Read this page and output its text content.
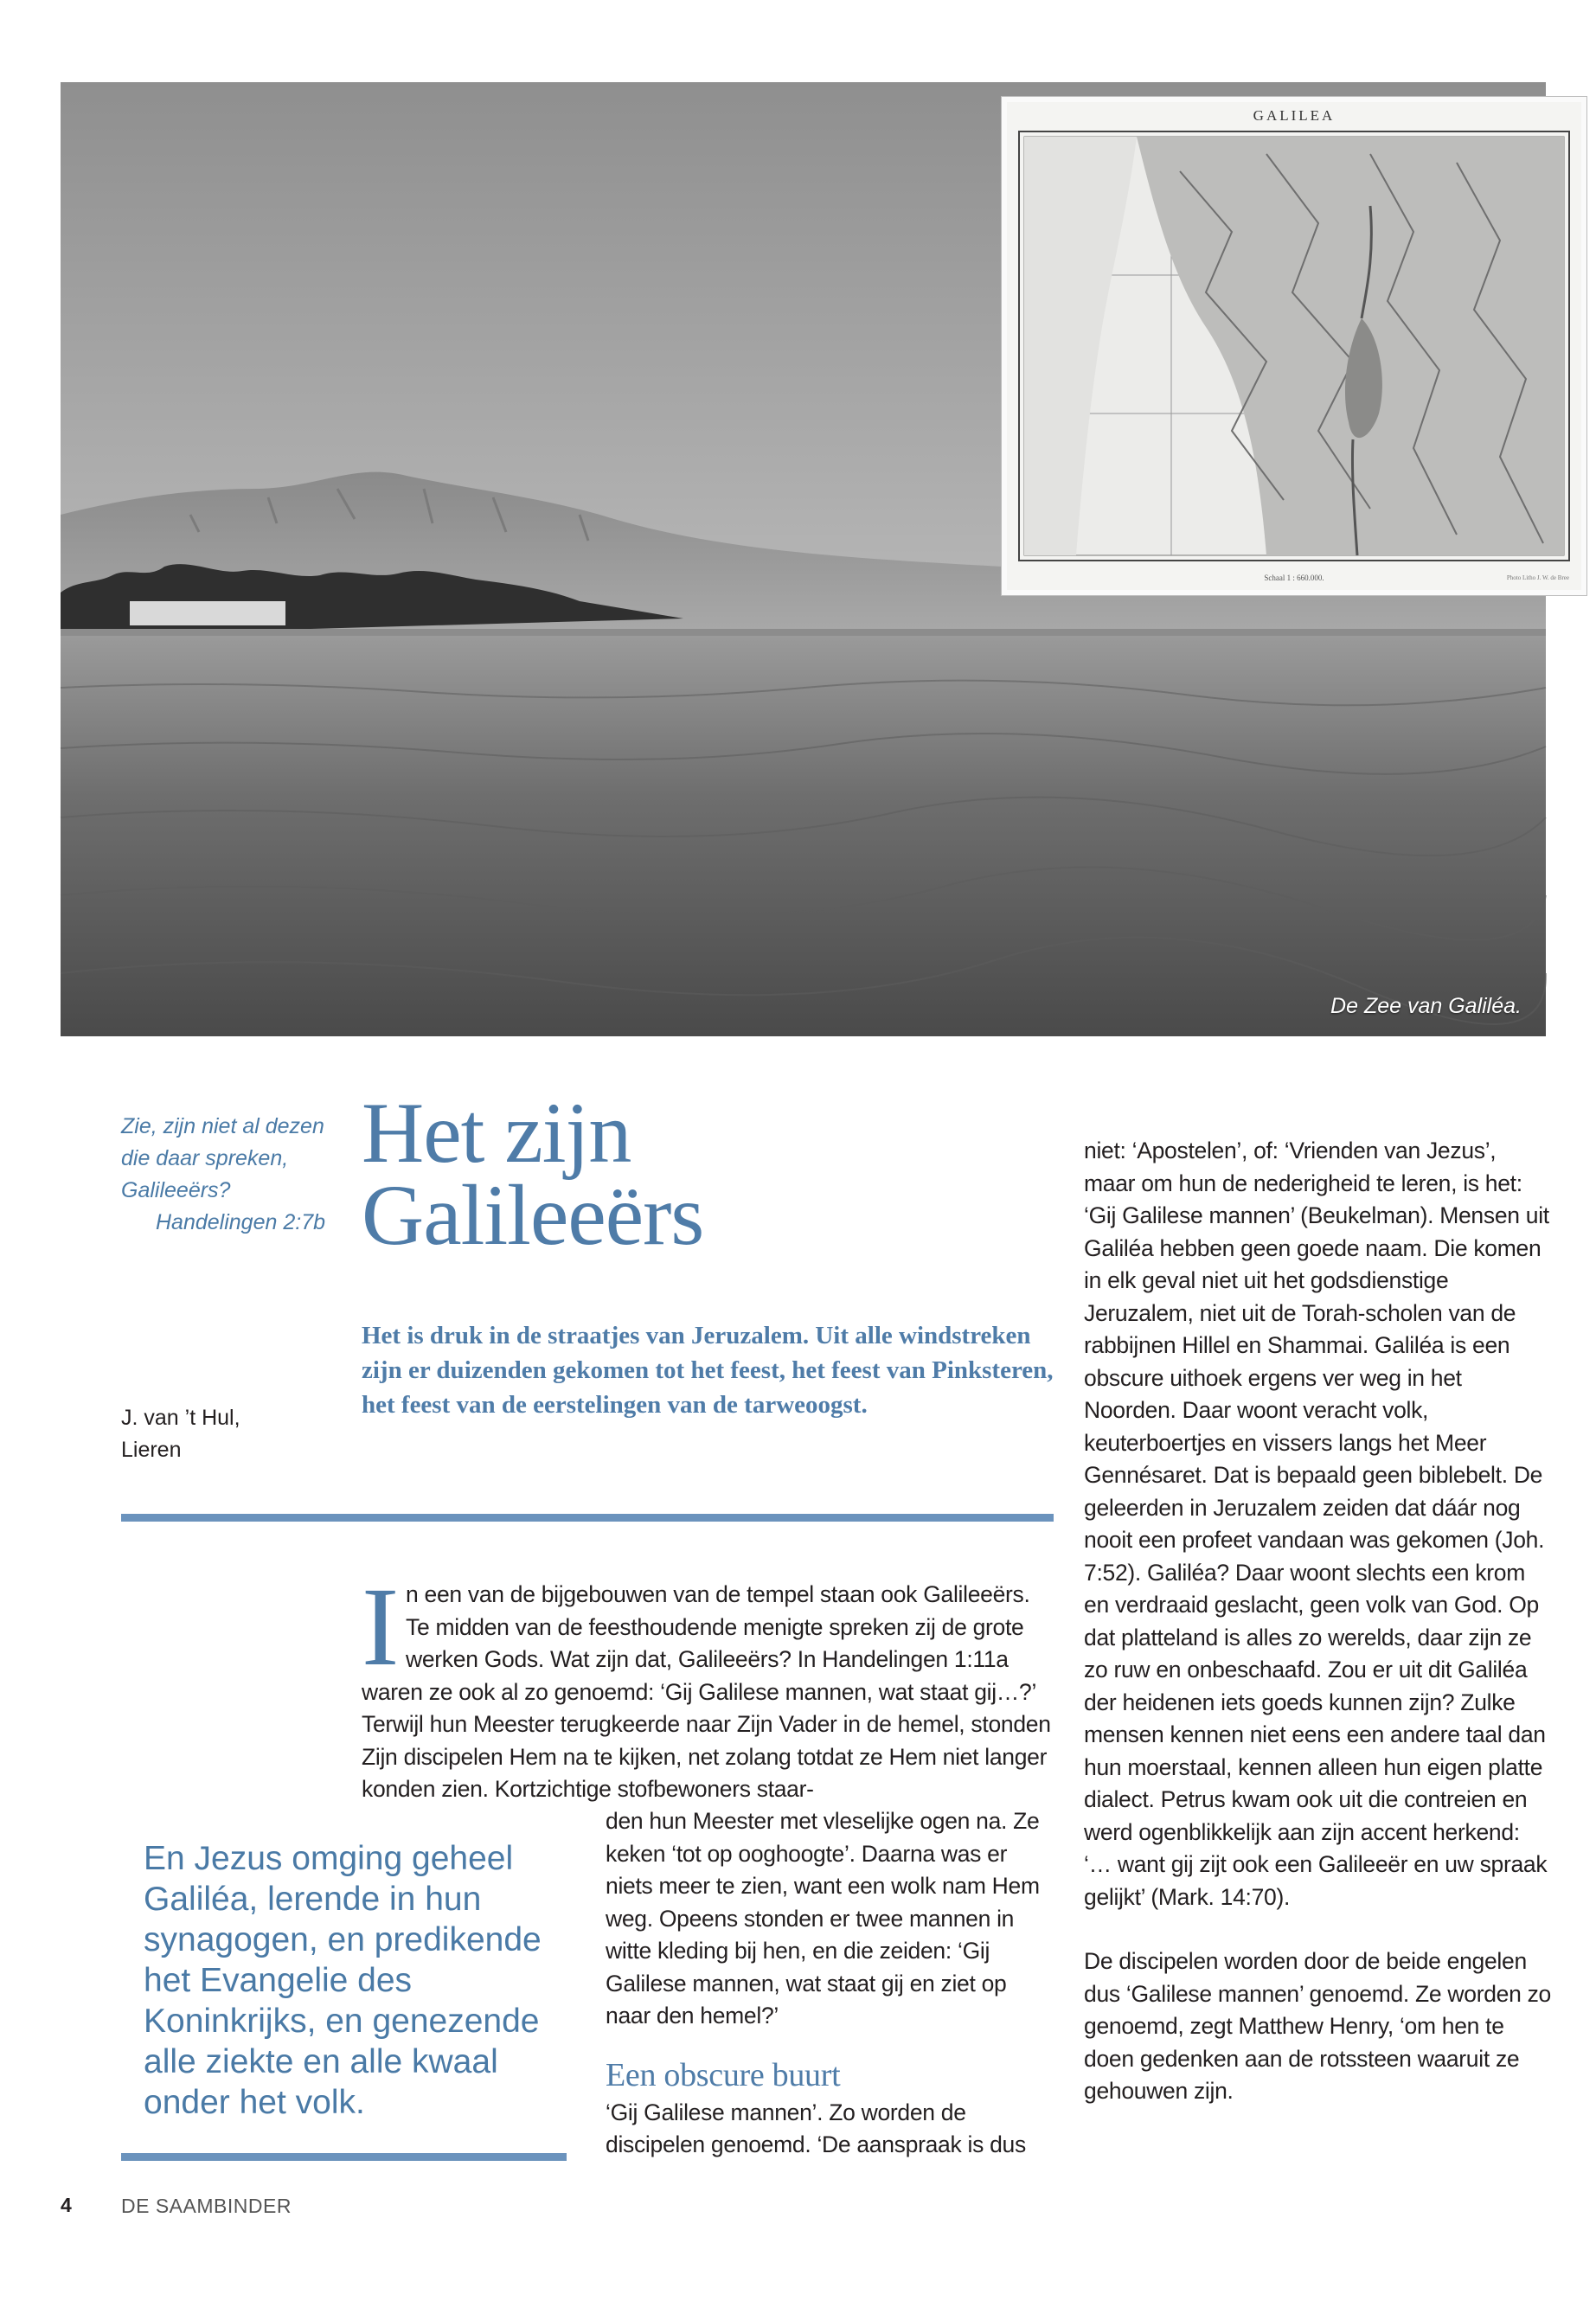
GALILEA
Schaal 1 : 660.000.	Photo Litho J. W. de Bree
De Zee van Galiléa.
Zie, zijn niet al dezen die daar spreken, Galileeërs?
Handelingen 2:7b
J. van ’t Hul,
Lieren
Het zijn
Galileeërs
Het is druk in de straatjes van Jeruzalem. Uit alle windstreken zijn er duizenden gekomen tot het feest, het feest van Pinksteren, het feest van de eerstelingen van de tarweoogst.

In een van de bijgebouwen van de tempel staan ook Galileeërs. Te midden van de feesthoudende menigte spreken zij de grote werken Gods. Wat zijn dat, Galileeërs? In Handelingen 1:11a waren ze ook al zo genoemd: ‘Gij Galilese mannen, wat staat gij…?’ Terwijl hun Meester terugkeerde naar Zijn Vader in de hemel, stonden Zijn discipelen Hem na te kijken, net zolang totdat ze Hem niet langer konden zien. Kortzichtige stofbewoners staar-

den hun Meester met vleselijke ogen na. Ze keken ‘tot op ooghoogte’. Daarna was er niets meer te zien, want een wolk nam Hem weg. Opeens stonden er twee mannen in witte kleding bij hen, en die zeiden: ‘Gij Galilese mannen, wat staat gij en ziet op naar den hemel?’

Een obscure buurt

‘Gij Galilese mannen’. Zo worden de discipelen genoemd. ‘De aanspraak is dus

niet: ‘Apostelen’, of: ‘Vrienden van Jezus’, maar om hun de nederigheid te leren, is het: ‘Gij Galilese mannen’ (Beukelman). Mensen uit Galiléa hebben geen goede naam. Die komen in elk geval niet uit het godsdienstige Jeruzalem, niet uit de Torah-scholen van de rabbijnen Hillel en Shammai. Galiléa is een obscure uithoek ergens ver weg in het Noorden. Daar woont veracht volk, keuterboertjes en vissers langs het Meer Gennésaret. Dat is bepaald geen biblebelt. De geleerden in Jeruzalem zeiden dat dáár nog nooit een profeet vandaan was gekomen (Joh. 7:52). Galiléa? Daar woont slechts een krom en verdraaid geslacht, geen volk van God. Op dat platteland is alles zo werelds, daar zijn ze zo ruw en onbeschaafd. Zou er uit dit Galiléa der heidenen iets goeds kunnen zijn? Zulke mensen kennen niet eens een andere taal dan hun moerstaal, kennen alleen hun eigen platte dialect. Petrus kwam ook uit die contreien en werd ogenblikkelijk aan zijn accent herkend: ‘… want gij zijt ook een Galileeër en uw spraak gelijkt’ (Mark. 14:70).

De discipelen worden door de beide engelen dus ‘Galilese mannen’ genoemd. Ze worden zo genoemd, zegt Matthew Henry, ‘om hen te doen gedenken aan de rotssteen waaruit ze gehouwen zijn.

En Jezus omging geheel Galiléa, lerende in hun synagogen, en predikende het Evangelie des Koninkrijks, en genezende alle ziekte en alle kwaal onder het volk.
4 DE SAAMBINDER
